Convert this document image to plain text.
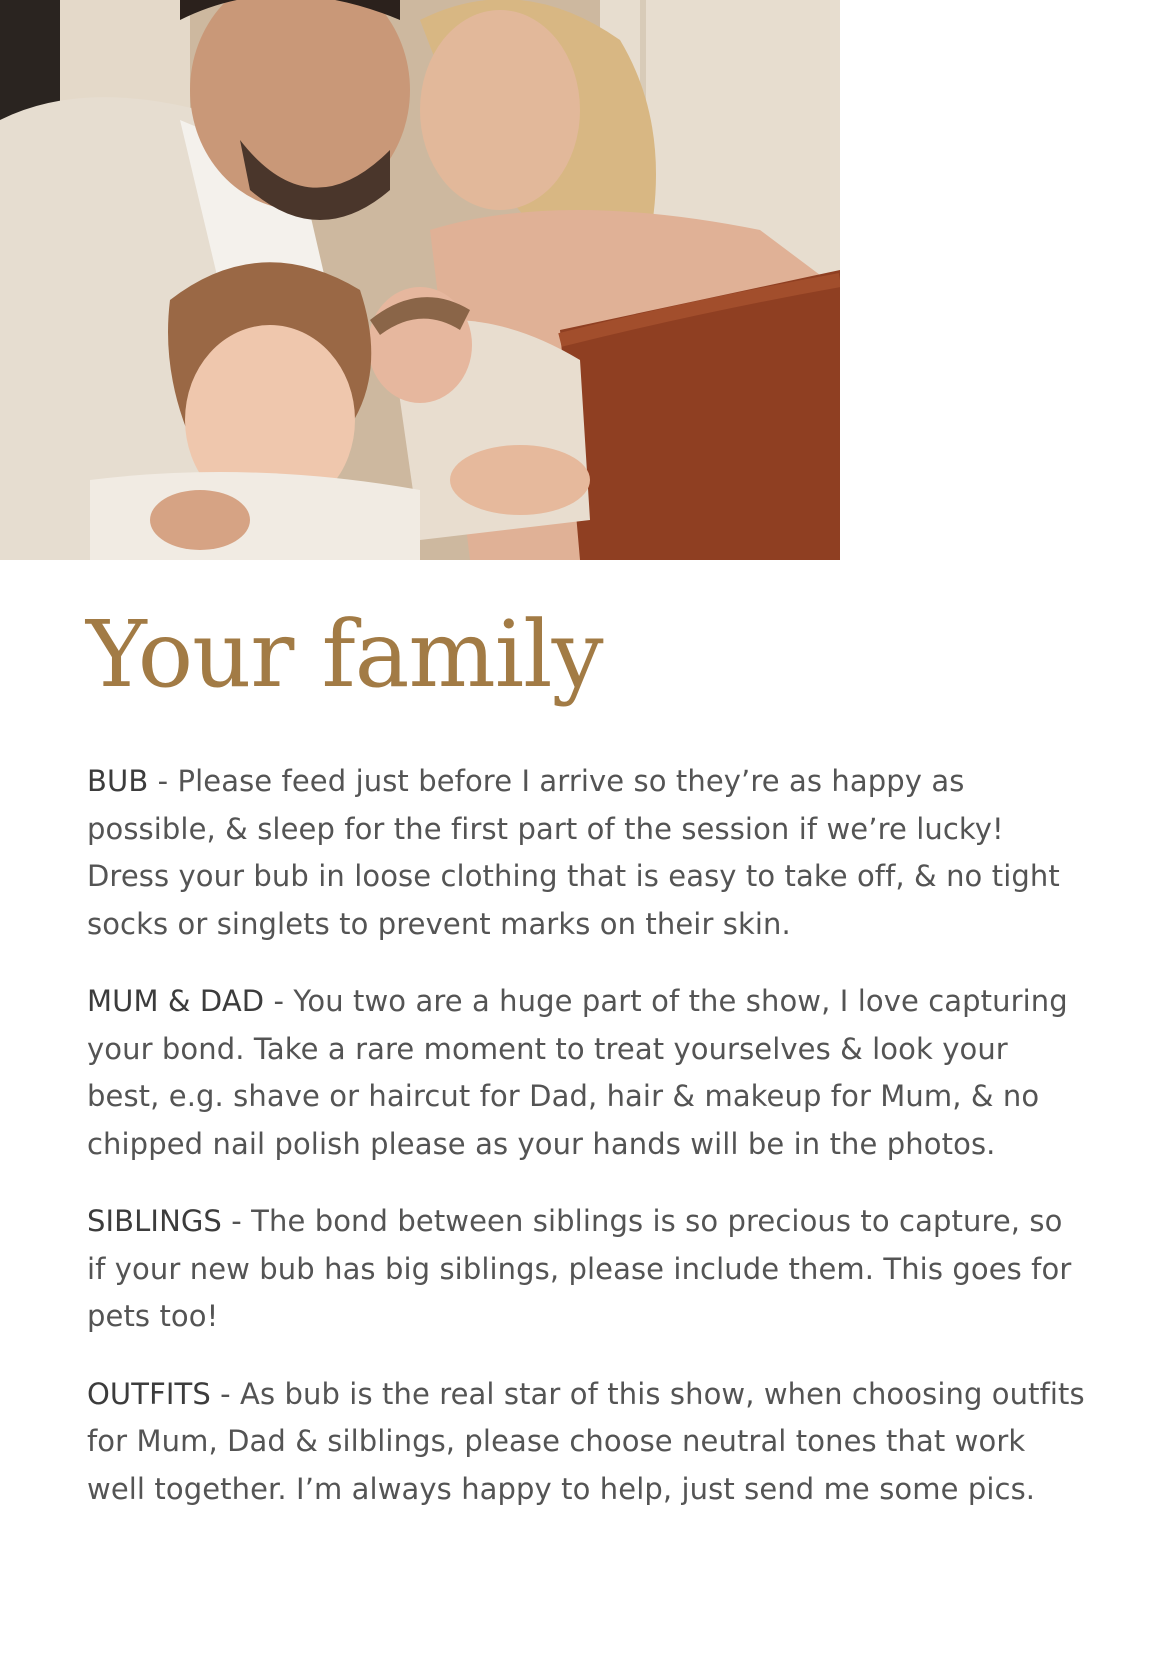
Your family

BUB - Please feed just before I arrive so they’re as happy as possible, & sleep for the first part of the session if we’re lucky! Dress your bub in loose clothing that is easy to take off, & no tight socks or singlets to prevent marks on their skin.

MUM & DAD - You two are a huge part of the show, I love capturing your bond. Take a rare moment to treat yourselves & look your best, e.g. shave or haircut for Dad, hair & makeup for Mum, & no chipped nail polish please as your hands will be in the photos.

SIBLINGS - The bond between siblings is so precious to capture, so if your new bub has big siblings, please include them. This goes for pets too!

OUTFITS - As bub is the real star of this show, when choosing outfits for Mum, Dad & silblings, please choose neutral tones that work well together. I’m always happy to help, just send me some pics.
